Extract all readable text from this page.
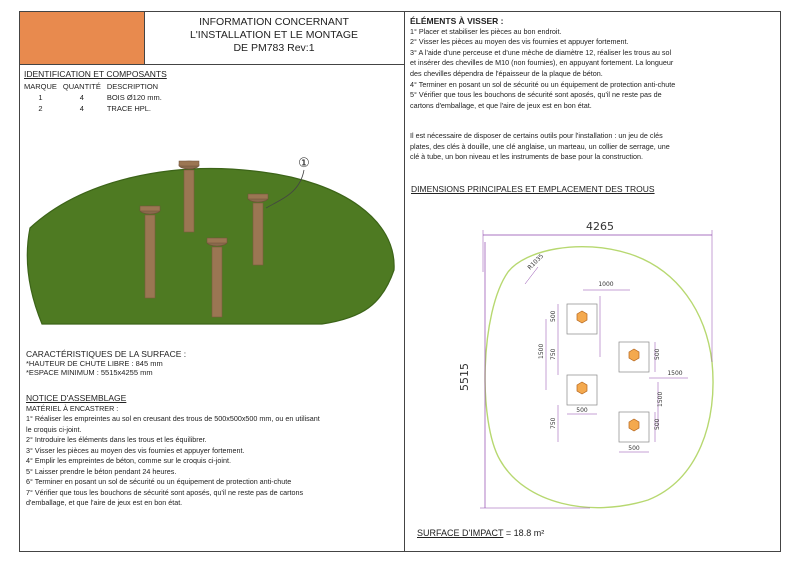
INFORMATION CONCERNANT
L'INSTALLATION ET LE MONTAGE
DE PM783 Rev:1
IDENTIFICATION ET COMPOSANTS
MARQUE	QUANTITÉ	DESCRIPTION
1	4	BOIS Ø120 mm.
2	4	TRACE HPL.
①
CARACTÉRISTIQUES DE LA SURFACE :
*HAUTEUR DE CHUTE LIBRE : 845 mm
*ESPACE MINIMUM : 5515x4255 mm
NOTICE D'ASSEMBLAGE
MATÉRIEL À ENCASTRER :
1° Réaliser les empreintes au sol en creusant des trous de 500x500x500 mm, ou en utilisant
le croquis ci-joint.
2° Introduire les éléments dans les trous et les équilibrer.
3° Visser les pièces au moyen des vis fournies et appuyer fortement.
4° Emplir les empreintes de béton, comme sur le croquis ci-joint.
5° Laisser prendre le béton pendant 24 heures.
6° Terminer en posant un sol de sécurité ou un équipement de protection anti-chute
7° Vérifier que tous les bouchons de sécurité sont aposés, qu'il ne reste pas de cartons
d'emballage, et que l'aire de jeux est en bon état.
ÉLÉMENTS À VISSER :
1° Placer et stabiliser les pièces au bon endroit.
2° Visser les pièces au moyen des vis fournies et appuyer fortement.
3° A l'aide d'une perceuse et d'une mèche de diamètre 12, réaliser les trous au sol
et insérer des chevilles de M10 (non fournies), en appuyant fortement. La longueur
des chevilles dépendra de l'épaisseur de la plaque de béton.
4° Terminer en posant un sol de sécurité ou un équipement de protection anti-chute
5° Vérifier que tous les bouchons de sécurité sont aposés, qu'il ne reste pas de
cartons d'emballage, et que l'aire de jeux est en bon état.
Il est nécessaire de disposer de certains outils pour l'installation : un jeu de clés
plates, des clés à douille, une clé anglaise, un marteau, un collier de serrage, une
clé à tube, un bon niveau et les instruments de base pour la construction.
DIMENSIONS PRINCIPALES ET EMPLACEMENT DES TROUS
4265
5515
R1035
1000
500
1500 750
750
500
1500
1500
500
500
500
SURFACE D'IMPACT = 18.8 m²
